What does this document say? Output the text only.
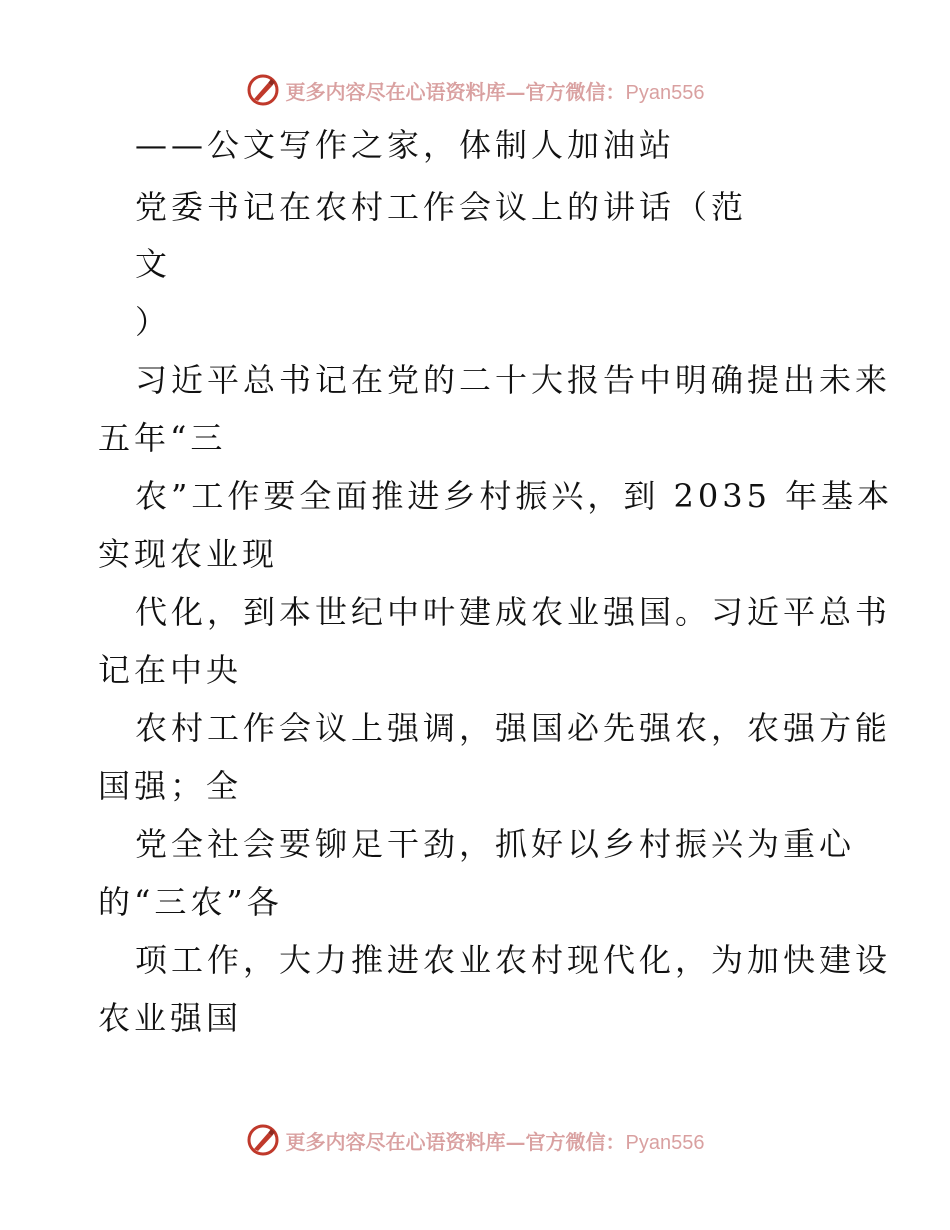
更多内容尽在心语资料库—官方微信：Pyan556
——公文写作之家，体制人加油站
党委书记在农村工作会议上的讲话（范
文
）
习近平总书记在党的二十大报告中明确提出未来
五年“三
农”工作要全面推进乡村振兴，到 2035 年基本
实现农业现
代化，到本世纪中叶建成农业强国。习近平总书
记在中央
农村工作会议上强调，强国必先强农，农强方能
国强；全
党全社会要铆足干劲，抓好以乡村振兴为重心
的“三农”各
项工作，大力推进农业农村现代化，为加快建设
农业强国
更多内容尽在心语资料库—官方微信：Pyan556
